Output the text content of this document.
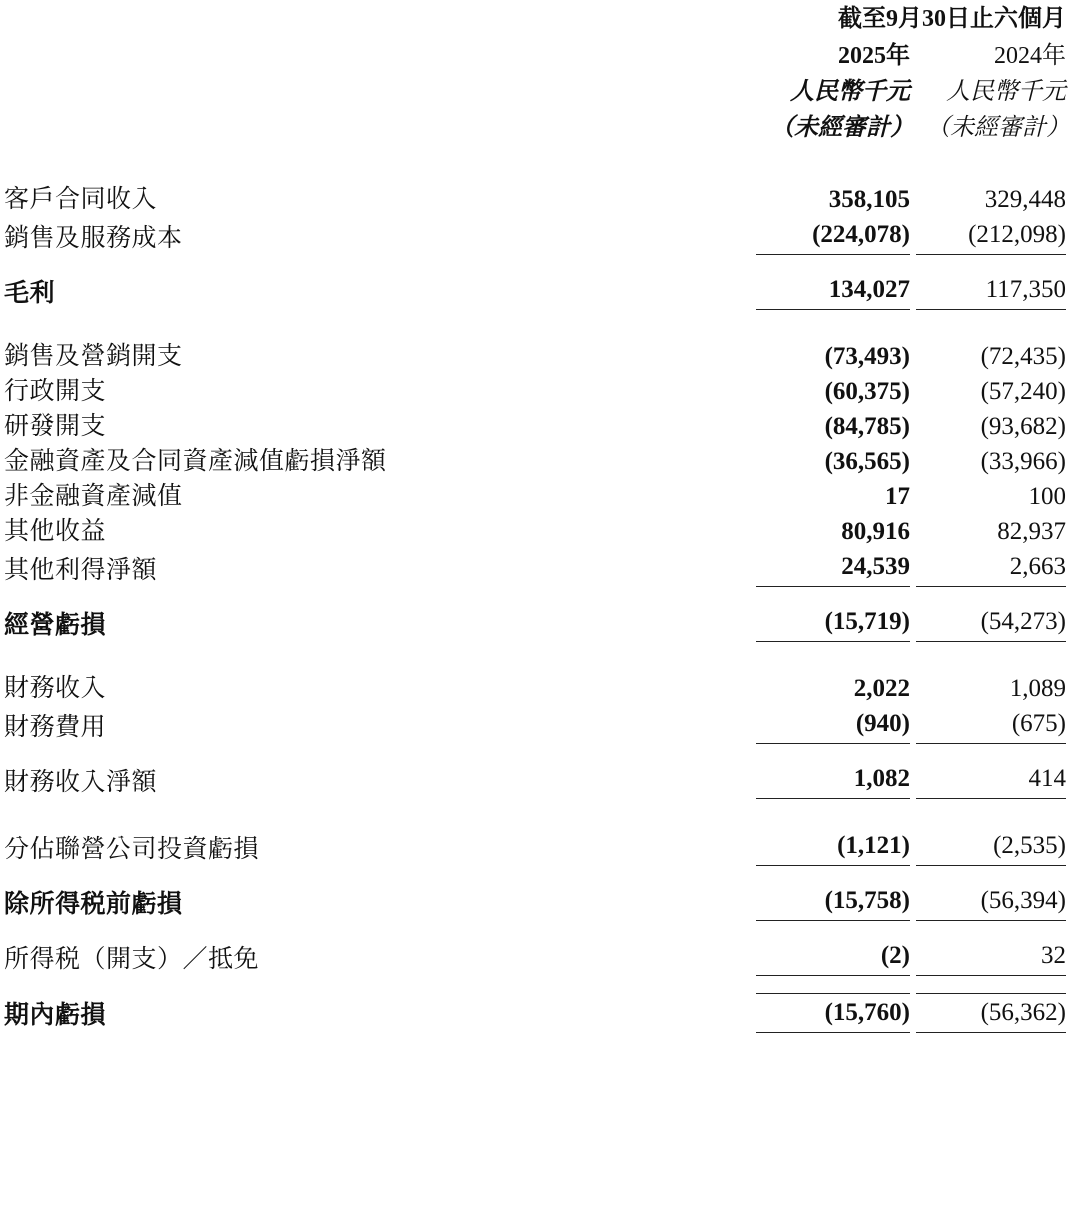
	截至9月30日止六個月	
	2025年	2024年
	人民幣千元	人民幣千元
	（未經審計）	（未經審計）

客戶合同收入	358,105	329,448

銷售及服務成本	(224,078)	(212,098)

毛利	134,027	117,350

銷售及營銷開支	(73,493)	(72,435)

行政開支	(60,375)	(57,240)

研發開支	(84,785)	(93,682)

金融資產及合同資產減值虧損淨額	(36,565)	(33,966)

非金融資產減值	17	100

其他收益	80,916	82,937

其他利得淨額	24,539	2,663

經營虧損	(15,719)	(54,273)

財務收入	2,022	1,089

財務費用	(940)	(675)

財務收入淨額	1,082	414

分佔聯營公司投資虧損	(1,121)	(2,535)

除所得税前虧損	(15,758)	(56,394)

所得税（開支）／抵免	(2)	32

期內虧損	(15,760)	(56,362)
